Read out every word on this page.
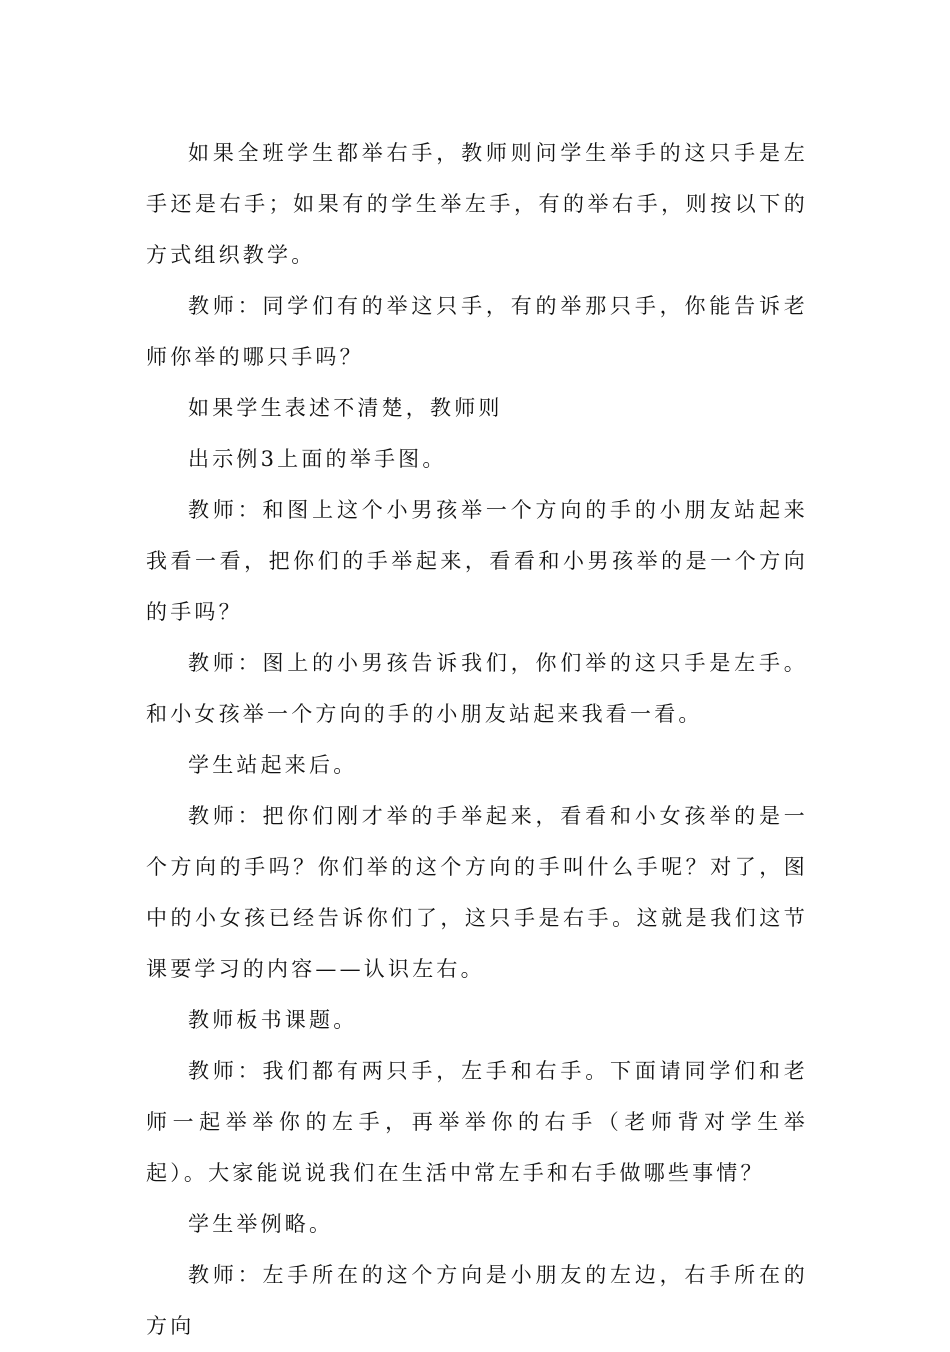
如果全班学生都举右手，教师则问学生举手的这只手是左手还是右手；如果有的学生举左手，有的举右手，则按以下的方式组织教学。

教师：同学们有的举这只手，有的举那只手，你能告诉老师你举的哪只手吗？

如果学生表述不清楚，教师则

出示例3上面的举手图。

教师：和图上这个小男孩举一个方向的手的小朋友站起来我看一看，把你们的手举起来，看看和小男孩举的是一个方向的手吗？

教师：图上的小男孩告诉我们，你们举的这只手是左手。和小女孩举一个方向的手的小朋友站起来我看一看。

学生站起来后。

教师：把你们刚才举的手举起来，看看和小女孩举的是一个方向的手吗？你们举的这个方向的手叫什么手呢？对了，图中的小女孩已经告诉你们了，这只手是右手。这就是我们这节课要学习的内容——认识左右。

教师板书课题。

教师：我们都有两只手，左手和右手。下面请同学们和老师一起举举你的左手，再举举你的右手（老师背对学生举起）。大家能说说我们在生活中常左手和右手做哪些事情？

学生举例略。

教师：左手所在的这个方向是小朋友的左边，右手所在的方向
